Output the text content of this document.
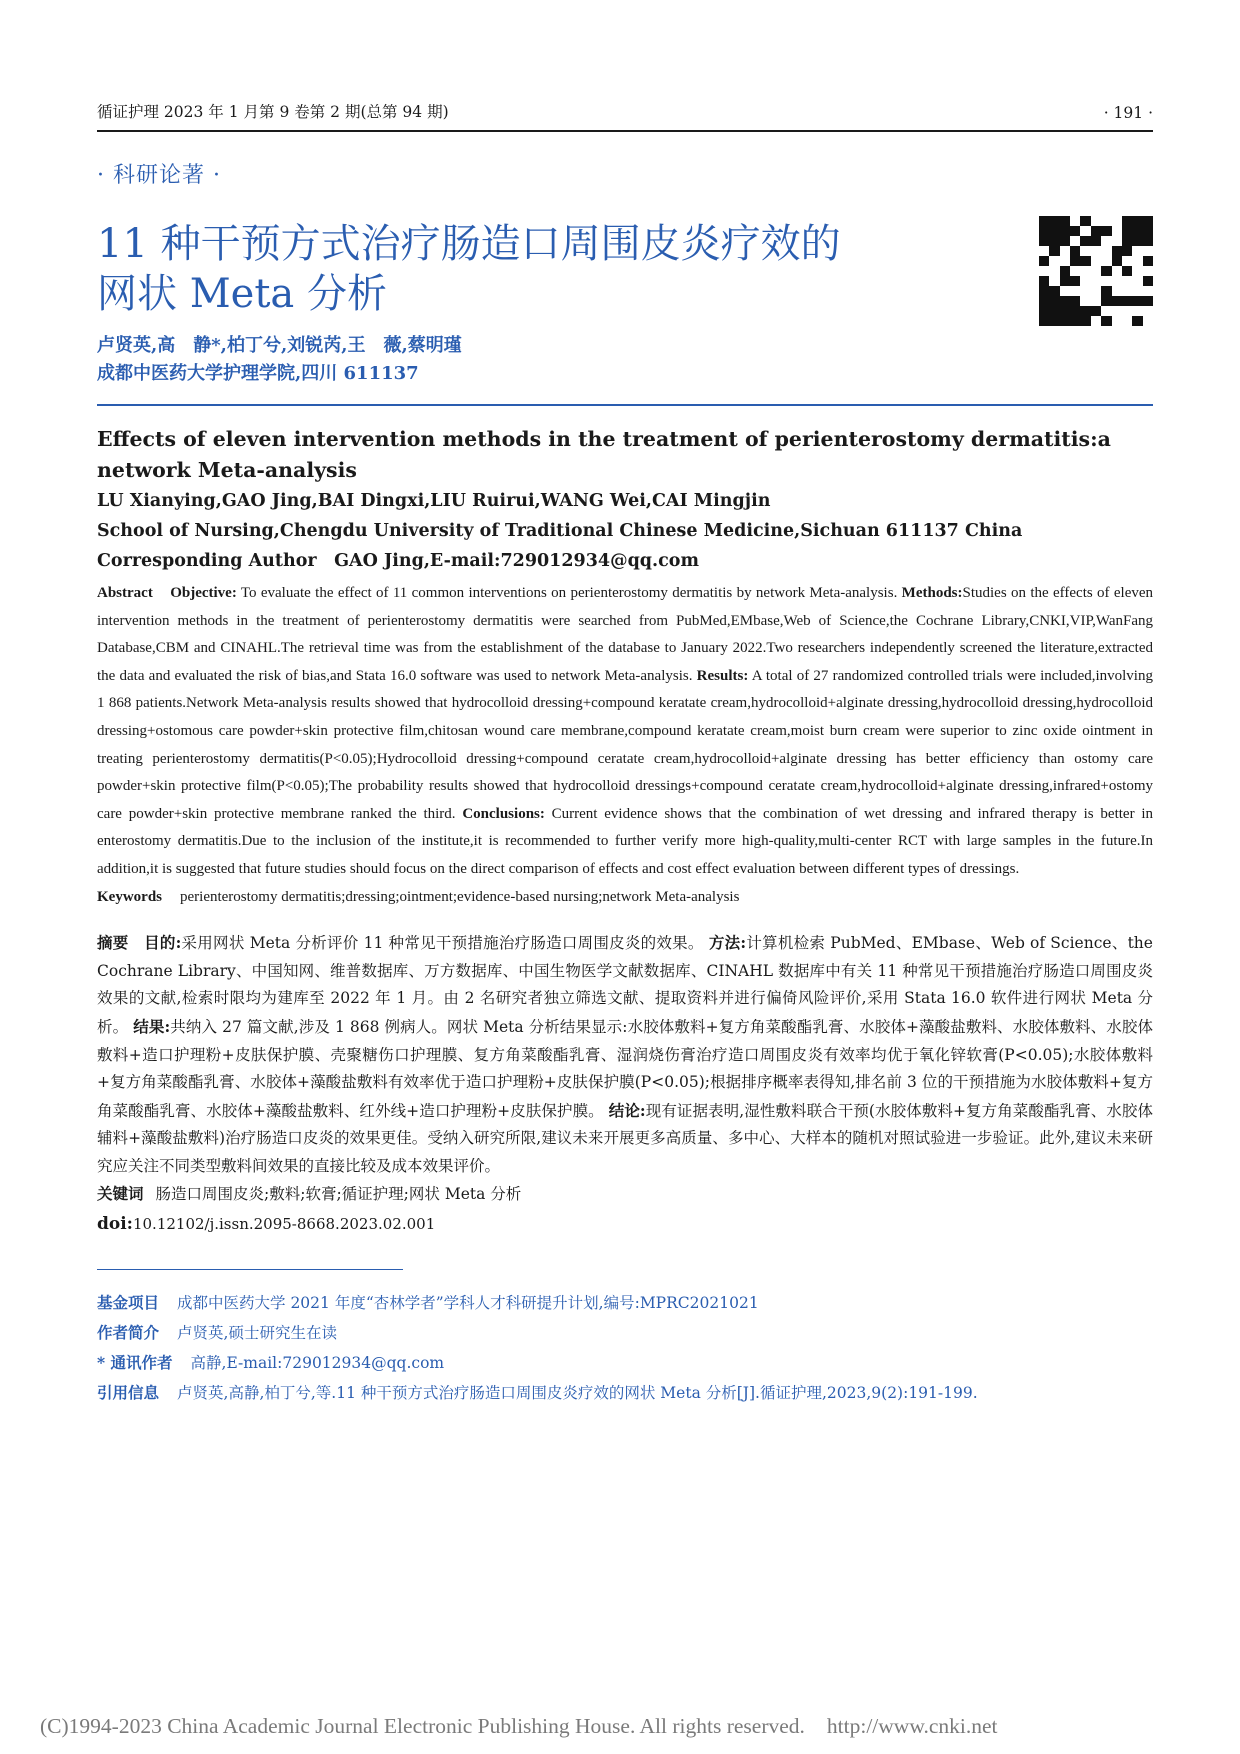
循证护理 2023 年 1 月第 9 卷第 2 期(总第 94 期)	· 191 ·
· 科研论著 ·
11 种干预方式治疗肠造口周围皮炎疗效的
网状 Meta 分析
卢贤英,高　静*,柏丁兮,刘锐芮,王　薇,蔡明瑾
成都中医药大学护理学院,四川 611137
Effects of eleven intervention methods in the treatment of perienterostomy dermatitis:a network Meta-analysis
LU Xianying,GAO Jing,BAI Dingxi,LIU Ruirui,WANG Wei,CAI Mingjin
School of Nursing,Chengdu University of Traditional Chinese Medicine,Sichuan 611137 China
Corresponding Author　GAO Jing,E-mail:729012934@qq.com
Abstract Objective: To evaluate the effect of 11 common interventions on perienterostomy dermatitis by network Meta-analysis. Methods:Studies on the effects of eleven intervention methods in the treatment of perienterostomy dermatitis were searched from PubMed,EMbase,Web of Science,the Cochrane Library,CNKI,VIP,WanFang Database,CBM and CINAHL.The retrieval time was from the establishment of the database to January 2022.Two researchers independently screened the literature,extracted the data and evaluated the risk of bias,and Stata 16.0 software was used to network Meta-analysis. Results: A total of 27 randomized controlled trials were included,involving 1 868 patients.Network Meta-analysis results showed that hydrocolloid dressing+compound keratate cream,hydrocolloid+alginate dressing,hydrocolloid dressing,hydrocolloid dressing+ostomous care powder+skin protective film,chitosan wound care membrane,compound keratate cream,moist burn cream were superior to zinc oxide ointment in treating perienterostomy dermatitis(P<0.05);Hydrocolloid dressing+compound ceratate cream,hydrocolloid+alginate dressing has better efficiency than ostomy care powder+skin protective film(P<0.05);The probability results showed that hydrocolloid dressings+compound ceratate cream,hydrocolloid+alginate dressing,infrared+ostomy care powder+skin protective membrane ranked the third. Conclusions: Current evidence shows that the combination of wet dressing and infrared therapy is better in enterostomy dermatitis.Due to the inclusion of the institute,it is recommended to further verify more high-quality,multi-center RCT with large samples in the future.In addition,it is suggested that future studies should focus on the direct comparison of effects and cost effect evaluation between different types of dressings.
Keywords perienterostomy dermatitis;dressing;ointment;evidence-based nursing;network Meta-analysis
摘要 目的:采用网状 Meta 分析评价 11 种常见干预措施治疗肠造口周围皮炎的效果。 方法:计算机检索 PubMed、EMbase、Web of Science、the Cochrane Library、中国知网、维普数据库、万方数据库、中国生物医学文献数据库、CINAHL 数据库中有关 11 种常见干预措施治疗肠造口周围皮炎效果的文献,检索时限均为建库至 2022 年 1 月。由 2 名研究者独立筛选文献、提取资料并进行偏倚风险评价,采用 Stata 16.0 软件进行网状 Meta 分析。 结果:共纳入 27 篇文献,涉及 1 868 例病人。网状 Meta 分析结果显示:水胶体敷料+复方角菜酸酯乳膏、水胶体+藻酸盐敷料、水胶体敷料、水胶体敷料+造口护理粉+皮肤保护膜、壳聚糖伤口护理膜、复方角菜酸酯乳膏、湿润烧伤膏治疗造口周围皮炎有效率均优于氧化锌软膏(P<0.05);水胶体敷料+复方角菜酸酯乳膏、水胶体+藻酸盐敷料有效率优于造口护理粉+皮肤保护膜(P<0.05);根据排序概率表得知,排名前 3 位的干预措施为水胶体敷料+复方角菜酸酯乳膏、水胶体+藻酸盐敷料、红外线+造口护理粉+皮肤保护膜。 结论:现有证据表明,湿性敷料联合干预(水胶体敷料+复方角菜酸酯乳膏、水胶体辅料+藻酸盐敷料)治疗肠造口皮炎的效果更佳。受纳入研究所限,建议未来开展更多高质量、多中心、大样本的随机对照试验进一步验证。此外,建议未来研究应关注不同类型敷料间效果的直接比较及成本效果评价。
关键词 肠造口周围皮炎;敷料;软膏;循证护理;网状 Meta 分析
doi:10.12102/j.issn.2095-8668.2023.02.001
基金项目 成都中医药大学 2021 年度“杏林学者”学科人才科研提升计划,编号:MPRC2021021
作者简介 卢贤英,硕士研究生在读
* 通讯作者 高静,E-mail:729012934@qq.com
引用信息 卢贤英,高静,柏丁兮,等.11 种干预方式治疗肠造口周围皮炎疗效的网状 Meta 分析[J].循证护理,2023,9(2):191-199.
(C)1994-2023 China Academic Journal Electronic Publishing House. All rights reserved. http://www.cnki.net
